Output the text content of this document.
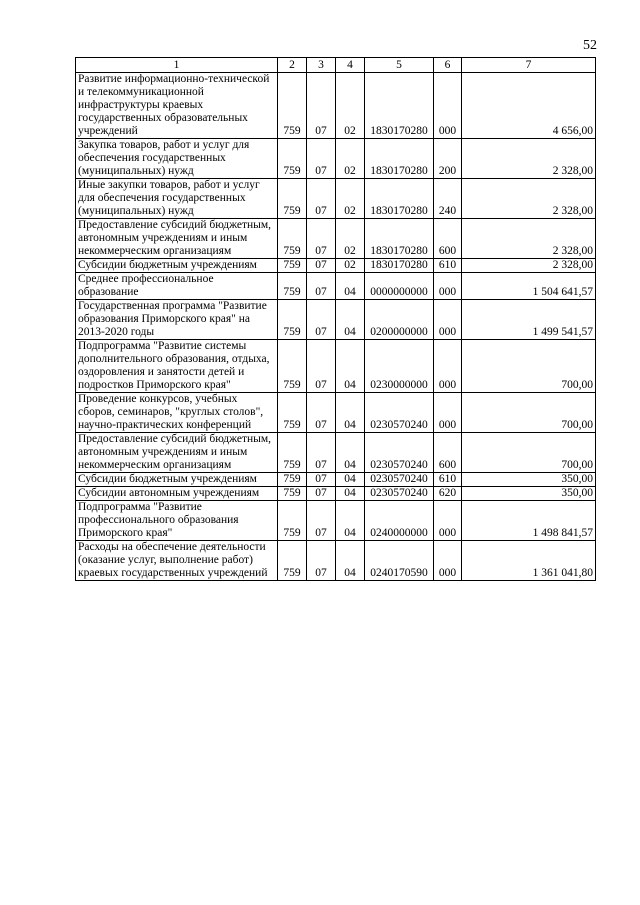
52
1	2	3	4	5	6	7
Развитие информационно-технической и телекоммуникационной инфраструктуры краевых государственных образовательных учреждений	759	07	02	1830170280	000	4 656,00
Закупка товаров, работ и услуг для обеспечения государственных (муниципальных) нужд	759	07	02	1830170280	200	2 328,00
Иные закупки товаров, работ и услуг для обеспечения государственных (муниципальных) нужд	759	07	02	1830170280	240	2 328,00
Предоставление субсидий бюджетным, автономным учреждениям и иным некоммерческим организациям	759	07	02	1830170280	600	2 328,00
Субсидии бюджетным учреждениям	759	07	02	1830170280	610	2 328,00
Среднее профессиональное образование	759	07	04	0000000000	000	1 504 641,57
Государственная программа "Развитие образования Приморского края" на 2013-2020 годы	759	07	04	0200000000	000	1 499 541,57
Подпрограмма "Развитие системы дополнительного образования, отдыха, оздоровления и занятости детей и подростков Приморского края"	759	07	04	0230000000	000	700,00
Проведение конкурсов, учебных сборов, семинаров, "круглых столов", научно-практических конференций	759	07	04	0230570240	000	700,00
Предоставление субсидий бюджетным, автономным учреждениям и иным некоммерческим организациям	759	07	04	0230570240	600	700,00
Субсидии бюджетным учреждениям	759	07	04	0230570240	610	350,00
Субсидии автономным учреждениям	759	07	04	0230570240	620	350,00
Подпрограмма "Развитие профессионального образования Приморского края"	759	07	04	0240000000	000	1 498 841,57
Расходы на обеспечение деятельности (оказание услуг, выполнение работ) краевых государственных учреждений	759	07	04	0240170590	000	1 361 041,80
